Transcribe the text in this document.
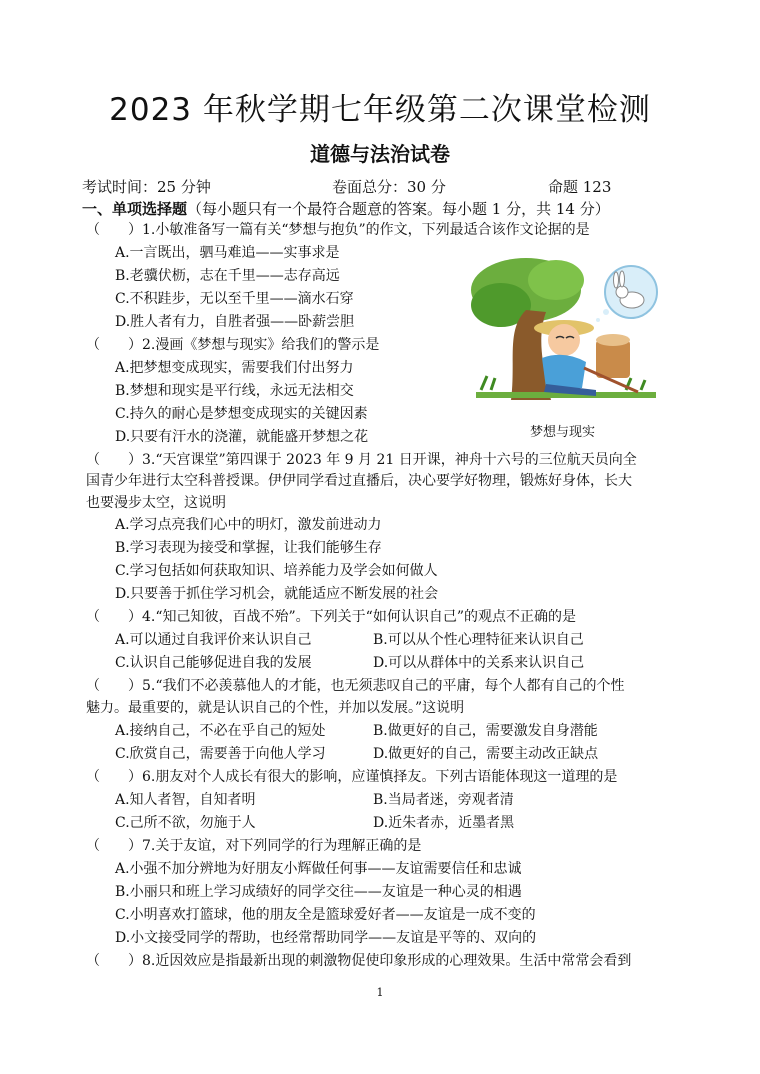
2023 年秋学期七年级第二次课堂检测
道德与法治试卷
考试时间：25 分钟	卷面总分：30 分	命题 123
一、单项选择题（每小题只有一个最符合题意的答案。每小题 1 分，共 14 分）
（　　）1.小敏准备写一篇有关“梦想与抱负”的作文，下列最适合该作文论据的是
A.一言既出，驷马难追——实事求是
B.老骥伏枥，志在千里——志存高远
C.不积跬步，无以至千里——滴水石穿
D.胜人者有力，自胜者强——卧薪尝胆
（　　）2.漫画《梦想与现实》给我们的警示是
A.把梦想变成现实，需要我们付出努力
B.梦想和现实是平行线，永远无法相交
C.持久的耐心是梦想变成现实的关键因素
D.只要有汗水的浇灌，就能盛开梦想之花	梦想与现实
（　　）3.“天宫课堂”第四课于 2023 年 9 月 21 日开课，神舟十六号的三位航天员向全
国青少年进行太空科普授课。伊伊同学看过直播后，决心要学好物理，锻炼好身体，长大
也要漫步太空，这说明
A.学习点亮我们心中的明灯，激发前进动力
B.学习表现为接受和掌握，让我们能够生存
C.学习包括如何获取知识、培养能力及学会如何做人
D.只要善于抓住学习机会，就能适应不断发展的社会
（　　）4.“知己知彼，百战不殆”。下列关于“如何认识自己”的观点不正确的是
A.可以通过自我评价来认识自己	B.可以从个性心理特征来认识自己
C.认识自己能够促进自我的发展	D.可以从群体中的关系来认识自己
（　　）5.“我们不必羡慕他人的才能，也无须悲叹自己的平庸，每个人都有自己的个性
魅力。最重要的，就是认识自己的个性，并加以发展。”这说明
A.接纳自己，不必在乎自己的短处	B.做更好的自己，需要激发自身潜能
C.欣赏自己，需要善于向他人学习	D.做更好的自己，需要主动改正缺点
（　　）6.朋友对个人成长有很大的影响，应谨慎择友。下列古语能体现这一道理的是
A.知人者智，自知者明	B.当局者迷，旁观者清
C.己所不欲，勿施于人	D.近朱者赤，近墨者黑
（　　）7.关于友谊，对下列同学的行为理解正确的是
A.小强不加分辨地为好朋友小辉做任何事——友谊需要信任和忠诚
B.小丽只和班上学习成绩好的同学交往——友谊是一种心灵的相遇
C.小明喜欢打篮球，他的朋友全是篮球爱好者——友谊是一成不变的
D.小文接受同学的帮助，也经常帮助同学——友谊是平等的、双向的
（　　）8.近因效应是指最新出现的刺激物促使印象形成的心理效果。生活中常常会看到
1
